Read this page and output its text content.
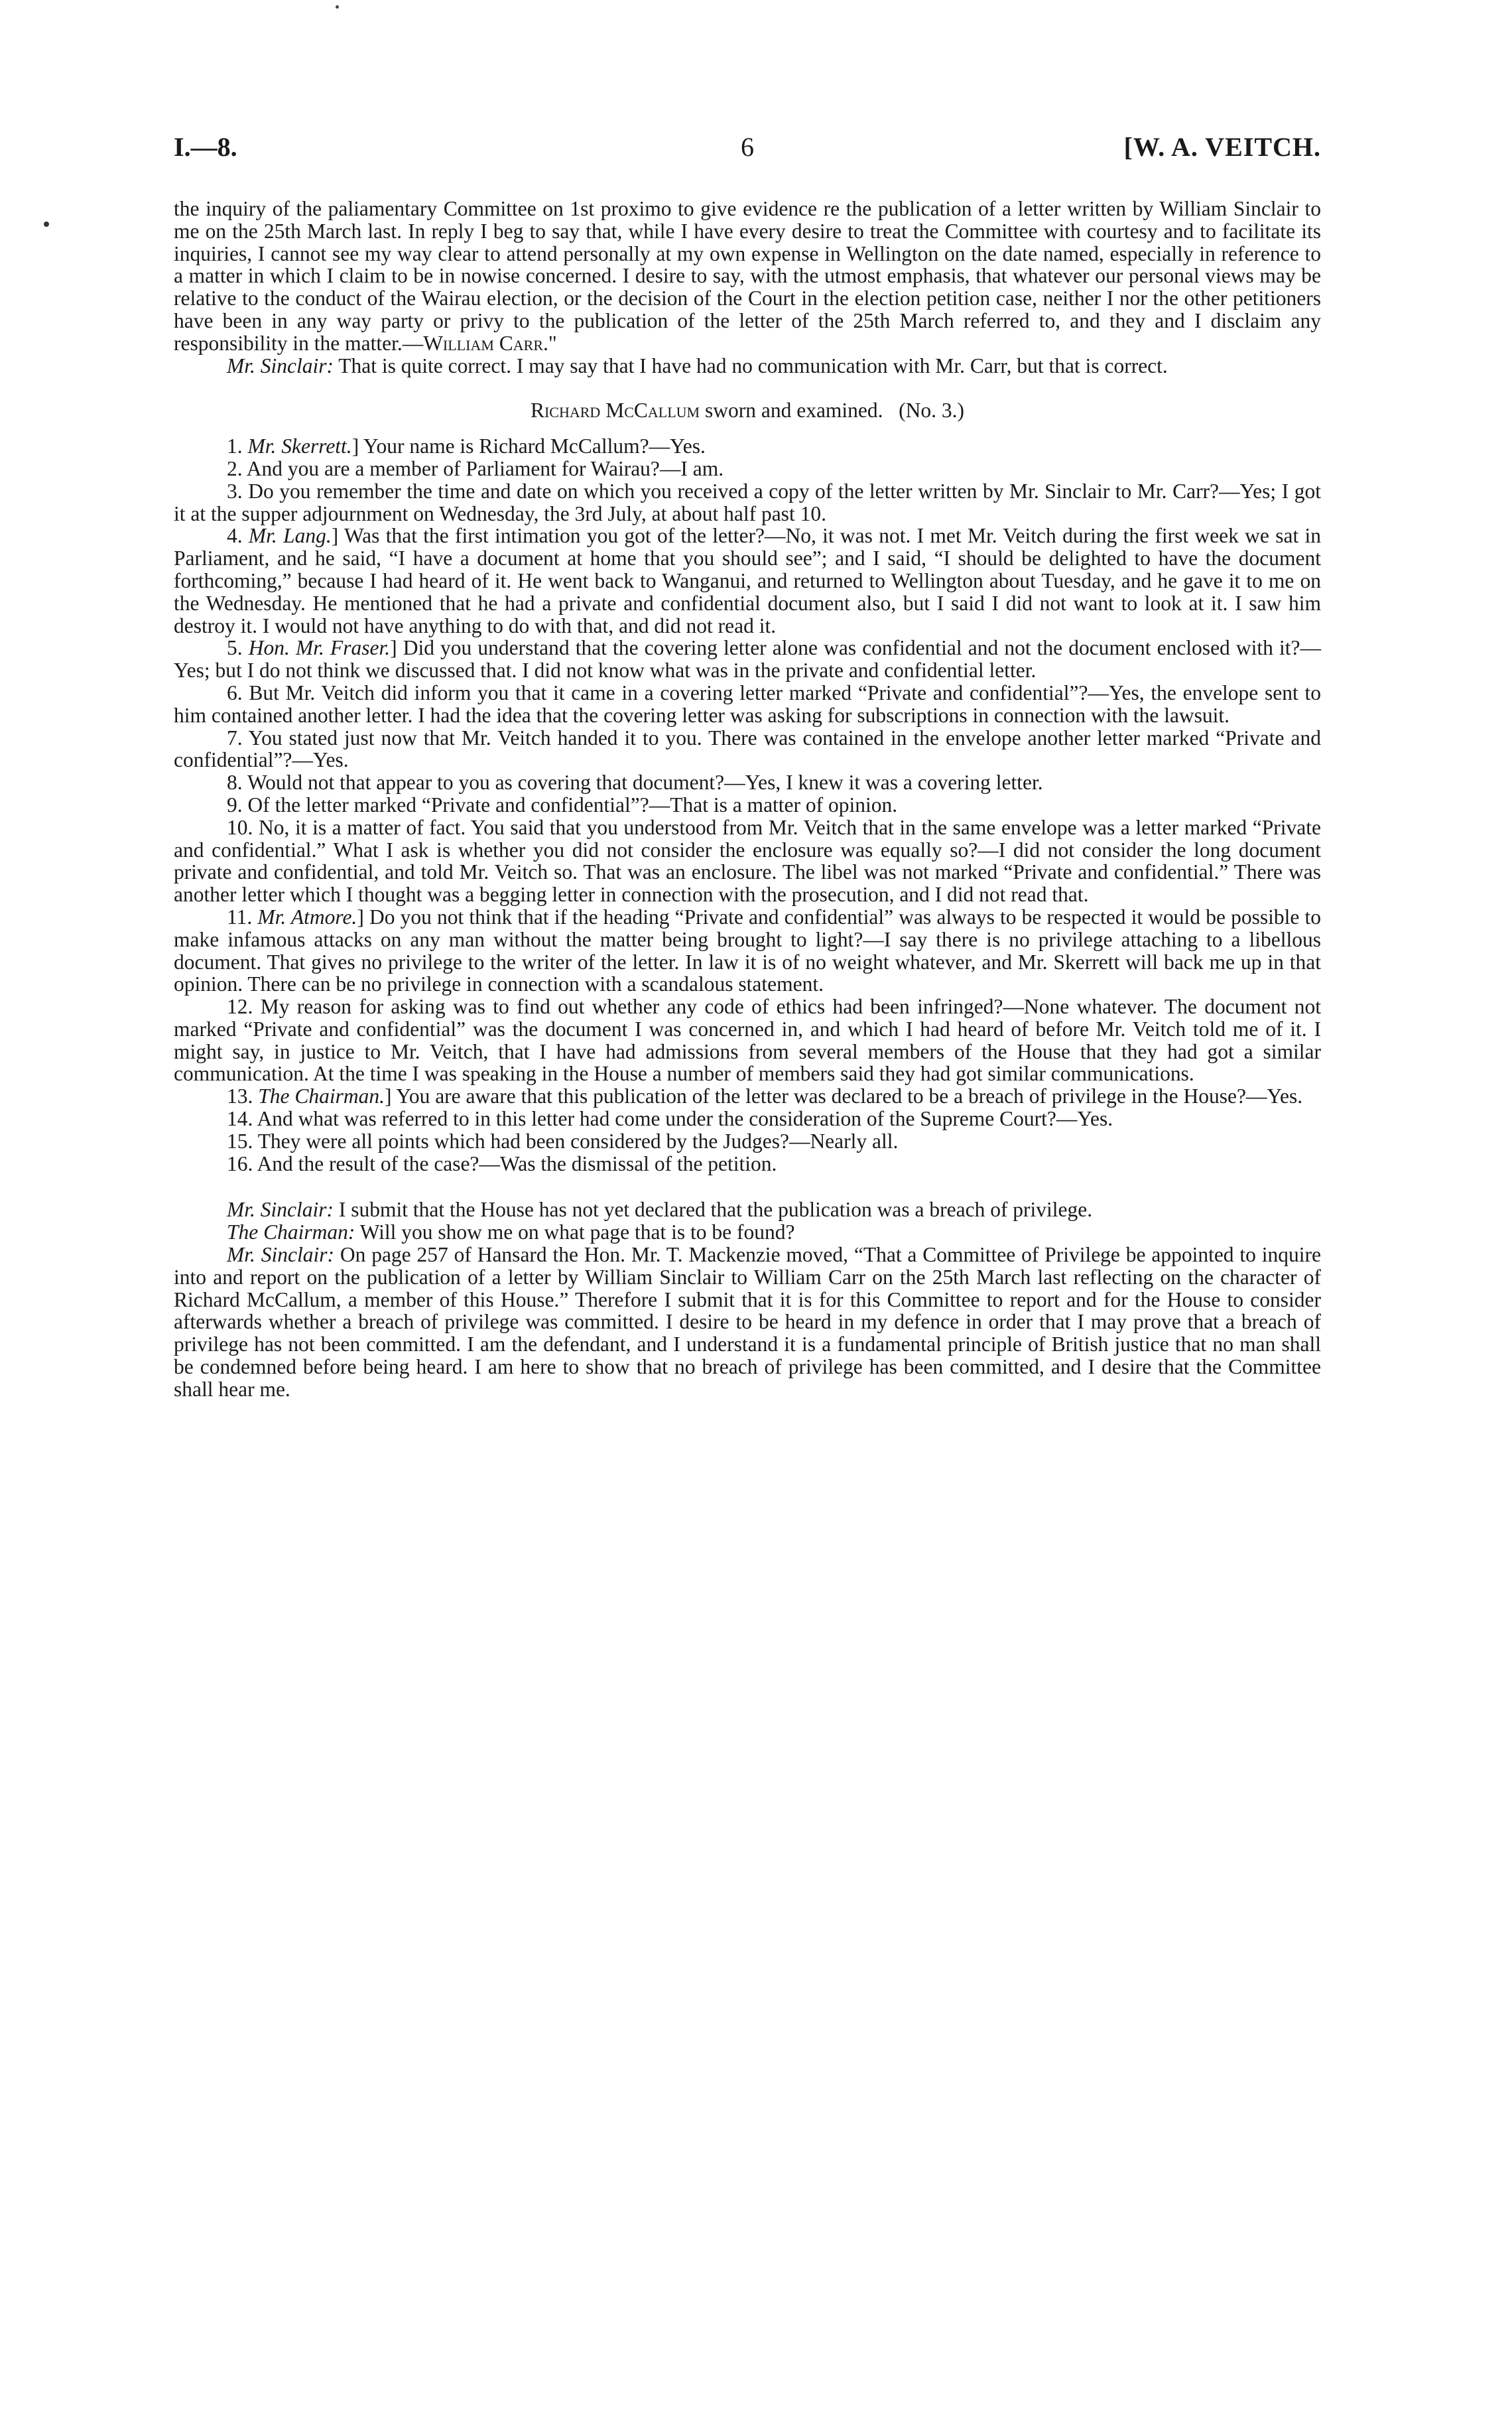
I.—8.	6	[W. A. VEITCH.

the inquiry of the paliamentary Committee on 1st proximo to give evidence re the publication of a letter written by William Sinclair to me on the 25th March last. In reply I beg to say that, while I have every desire to treat the Committee with courtesy and to facilitate its inquiries, I cannot see my way clear to attend personally at my own expense in Wellington on the date named, especially in reference to a matter in which I claim to be in nowise concerned. I desire to say, with the utmost emphasis, that whatever our personal views may be relative to the conduct of the Wairau election, or the decision of the Court in the election petition case, neither I nor the other petitioners have been in any way party or privy to the publication of the letter of the 25th March referred to, and they and I disclaim any responsibility in the matter.—William Carr."

Mr. Sinclair: That is quite correct. I may say that I have had no communication with Mr. Carr, but that is correct.

Richard McCallum sworn and examined. (No. 3.)

1. Mr. Skerrett.] Your name is Richard McCallum?—Yes.

2. And you are a member of Parliament for Wairau?—I am.

3. Do you remember the time and date on which you received a copy of the letter written by Mr. Sinclair to Mr. Carr?—Yes; I got it at the supper adjournment on Wednesday, the 3rd July, at about half past 10.

4. Mr. Lang.] Was that the first intimation you got of the letter?—No, it was not. I met Mr. Veitch during the first week we sat in Parliament, and he said, “I have a document at home that you should see”; and I said, “I should be delighted to have the document forthcoming,” because I had heard of it. He went back to Wanganui, and returned to Wellington about Tuesday, and he gave it to me on the Wednesday. He mentioned that he had a private and confidential document also, but I said I did not want to look at it. I saw him destroy it. I would not have anything to do with that, and did not read it.

5. Hon. Mr. Fraser.] Did you understand that the covering letter alone was confidential and not the document enclosed with it?—Yes; but I do not think we discussed that. I did not know what was in the private and confidential letter.

6. But Mr. Veitch did inform you that it came in a covering letter marked “Private and confidential”?—Yes, the envelope sent to him contained another letter. I had the idea that the covering letter was asking for subscriptions in connection with the lawsuit.

7. You stated just now that Mr. Veitch handed it to you. There was contained in the envelope another letter marked “Private and confidential”?—Yes.

8. Would not that appear to you as covering that document?—Yes, I knew it was a covering letter.

9. Of the letter marked “Private and confidential”?—That is a matter of opinion.

10. No, it is a matter of fact. You said that you understood from Mr. Veitch that in the same envelope was a letter marked “Private and confidential.” What I ask is whether you did not consider the enclosure was equally so?—I did not consider the long document private and confidential, and told Mr. Veitch so. That was an enclosure. The libel was not marked “Private and confidential.” There was another letter which I thought was a begging letter in connection with the prosecution, and I did not read that.

11. Mr. Atmore.] Do you not think that if the heading “Private and confidential” was always to be respected it would be possible to make infamous attacks on any man without the matter being brought to light?—I say there is no privilege attaching to a libellous document. That gives no privilege to the writer of the letter. In law it is of no weight whatever, and Mr. Skerrett will back me up in that opinion. There can be no privilege in connection with a scandalous statement.

12. My reason for asking was to find out whether any code of ethics had been infringed?—None whatever. The document not marked “Private and confidential” was the document I was concerned in, and which I had heard of before Mr. Veitch told me of it. I might say, in justice to Mr. Veitch, that I have had admissions from several members of the House that they had got a similar communication. At the time I was speaking in the House a number of members said they had got similar communications.

13. The Chairman.] You are aware that this publication of the letter was declared to be a breach of privilege in the House?—Yes.

14. And what was referred to in this letter had come under the consideration of the Supreme Court?—Yes.

15. They were all points which had been considered by the Judges?—Nearly all.

16. And the result of the case?—Was the dismissal of the petition.

Mr. Sinclair: I submit that the House has not yet declared that the publication was a breach of privilege.

The Chairman: Will you show me on what page that is to be found?

Mr. Sinclair: On page 257 of Hansard the Hon. Mr. T. Mackenzie moved, “That a Committee of Privilege be appointed to inquire into and report on the publication of a letter by William Sinclair to William Carr on the 25th March last reflecting on the character of Richard McCallum, a member of this House.” Therefore I submit that it is for this Committee to report and for the House to consider afterwards whether a breach of privilege was committed. I desire to be heard in my defence in order that I may prove that a breach of privilege has not been committed. I am the defendant, and I understand it is a fundamental principle of British justice that no man shall be condemned before being heard. I am here to show that no breach of privilege has been committed, and I desire that the Committee shall hear me.
